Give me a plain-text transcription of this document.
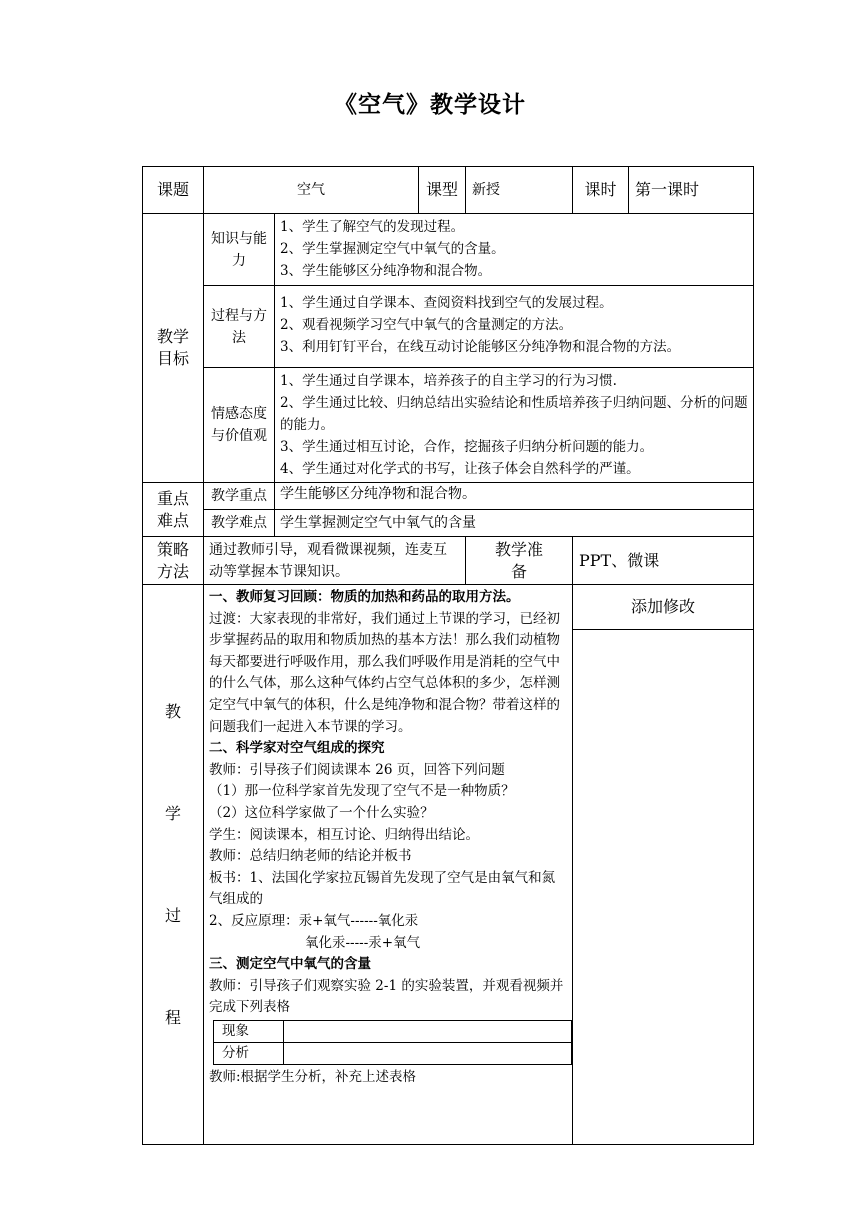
《空气》教学设计
课题	空气	课型	新授	课时	第一课时
教学目标	知识与能力	
1、学生了解空气的发现过程。
2、学生掌握测定空气中氧气的含量。
3、学生能够区分纯净物和混合物。

过程与方法	
1、学生通过自学课本、查阅资料找到空气的发展过程。
2、观看视频学习空气中氧气的含量测定的方法。
3、利用钉钉平台，在线互动讨论能够区分纯净物和混合物的方法。

情感态度与价值观	
1、学生通过自学课本，培养孩子的自主学习的行为习惯.
2、学生通过比较、归纳总结出实验结论和性质培养孩子归纳问题、分析的问题的能力。
3、学生通过相互讨论，合作，挖掘孩子归纳分析问题的能力。
4、学生通过对化学式的书写，让孩子体会自然科学的严谨。

重点难点	教学重点	学生能够区分纯净物和混合物。
教学难点	学生掌握测定空气中氧气的含量
策略方法	通过教师引导，观看微课视频，连麦互动等掌握本节课知识。	教学准备	PPT、微课

教
学
过
程

一、教师复习回顾：物质的加热和药品的取用方法。
过渡：大家表现的非常好，我们通过上节课的学习，已经初步掌握药品的取用和物质加热的基本方法！那么我们动植物每天都要进行呼吸作用，那么我们呼吸作用是消耗的空气中的什么气体，那么这种气体约占空气总体积的多少，怎样测定空气中氧气的体积，什么是纯净物和混合物？带着这样的问题我们一起进入本节课的学习。
二、科学家对空气组成的探究
教师：引导孩子们阅读课本 26 页，回答下列问题
（1）那一位科学家首先发现了空气不是一种物质？
（2）这位科学家做了一个什么实验？
学生：阅读课本，相互讨论、归纳得出结论。
教师：总结归纳老师的结论并板书
板书：1、法国化学家拉瓦锡首先发现了空气是由氧气和氮气组成的
2、反应原理：汞+氧气------氧化汞
氧化汞-----汞+氧气
三、测定空气中氧气的含量
教师：引导孩子们观察实验 2-1 的实验装置，并观看视频并完成下列表格
现象	
分析	
教师:根据学生分析，补充上述表格

添加修改
